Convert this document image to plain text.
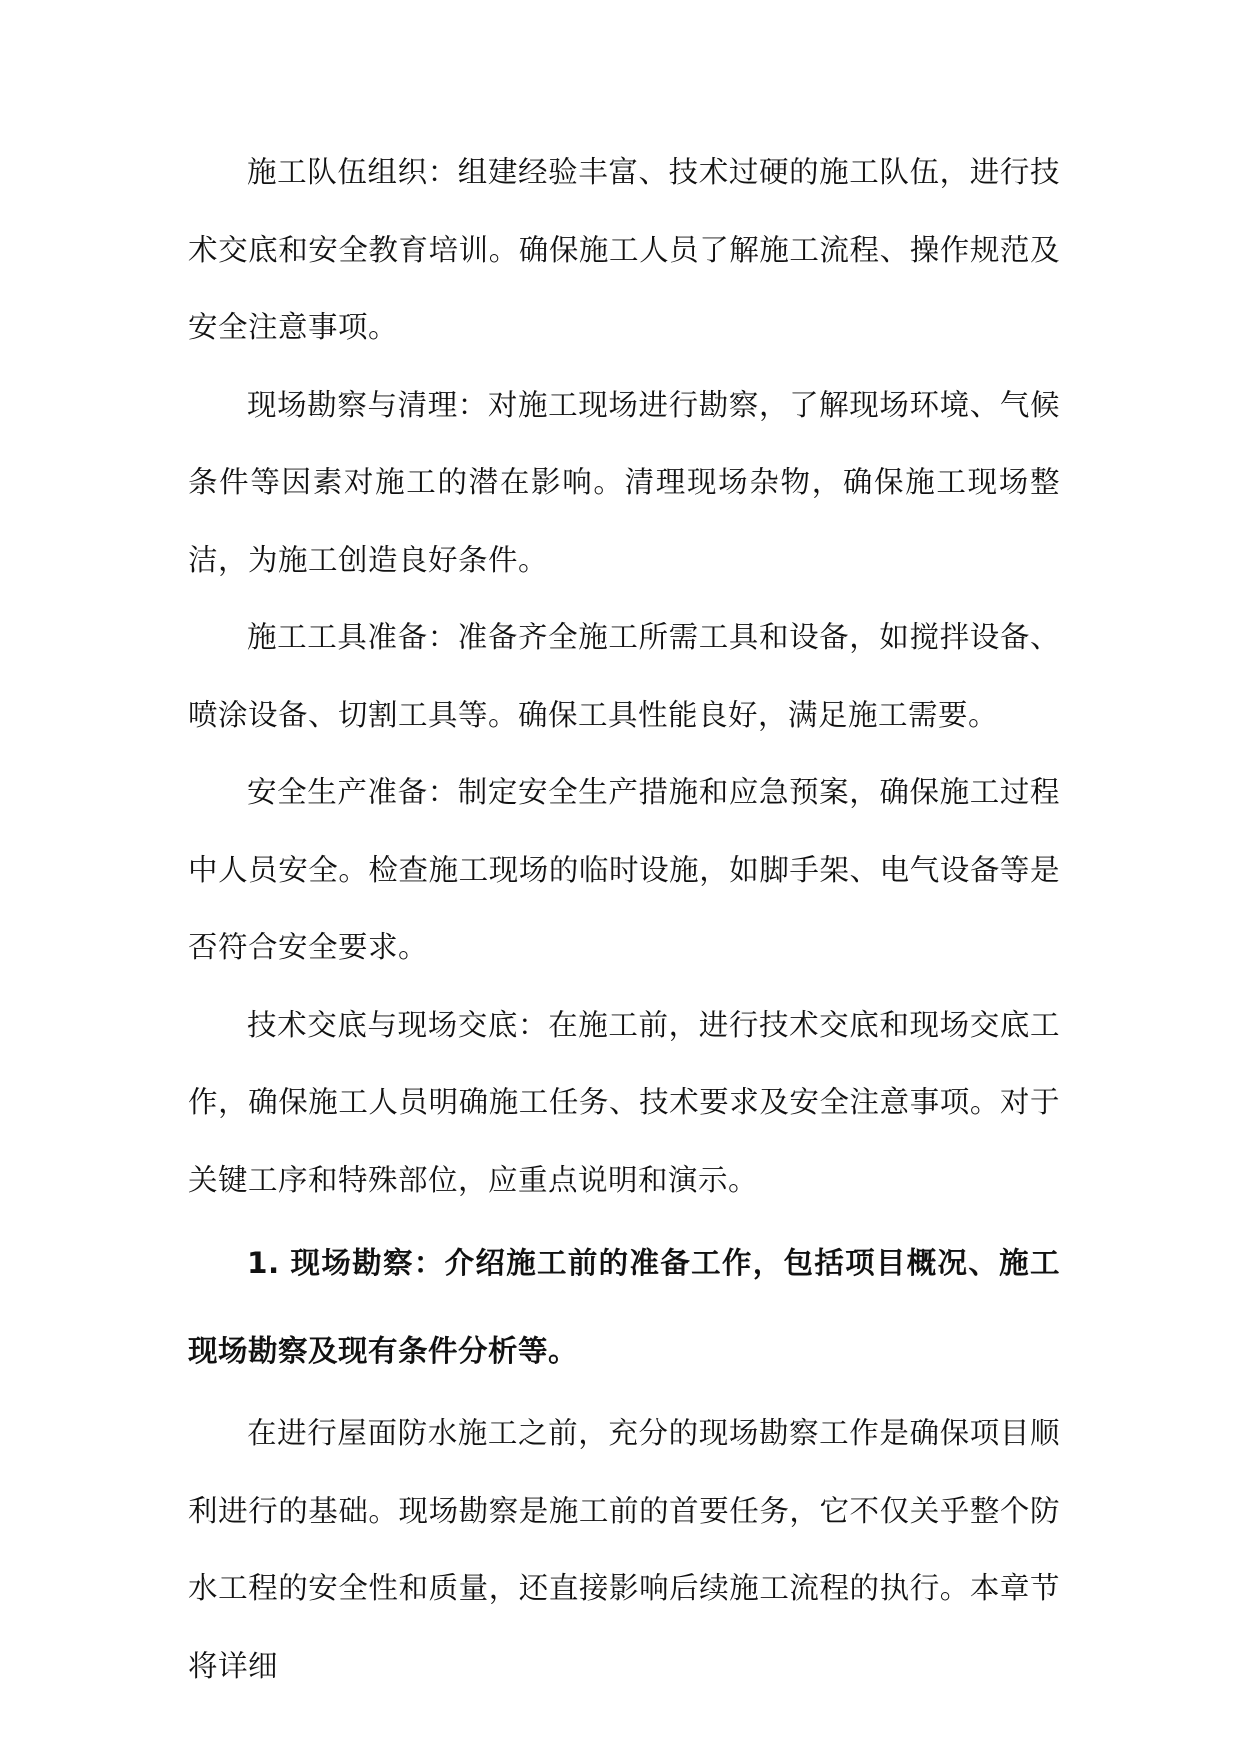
施工队伍组织：组建经验丰富、技术过硬的施工队伍，进行技术交底和安全教育培训。确保施工人员了解施工流程、操作规范及安全注意事项。

现场勘察与清理：对施工现场进行勘察，了解现场环境、气候条件等因素对施工的潜在影响。清理现场杂物，确保施工现场整洁，为施工创造良好条件。

施工工具准备：准备齐全施工所需工具和设备，如搅拌设备、喷涂设备、切割工具等。确保工具性能良好，满足施工需要。

安全生产准备：制定安全生产措施和应急预案，确保施工过程中人员安全。检查施工现场的临时设施，如脚手架、电气设备等是否符合安全要求。

技术交底与现场交底：在施工前，进行技术交底和现场交底工作，确保施工人员明确施工任务、技术要求及安全注意事项。对于关键工序和特殊部位，应重点说明和演示。

1. 现场勘察：介绍施工前的准备工作，包括项目概况、施工现场勘察及现有条件分析等。

在进行屋面防水施工之前，充分的现场勘察工作是确保项目顺利进行的基础。现场勘察是施工前的首要任务，它不仅关乎整个防水工程的安全性和质量，还直接影响后续施工流程的执行。本章节将详细
